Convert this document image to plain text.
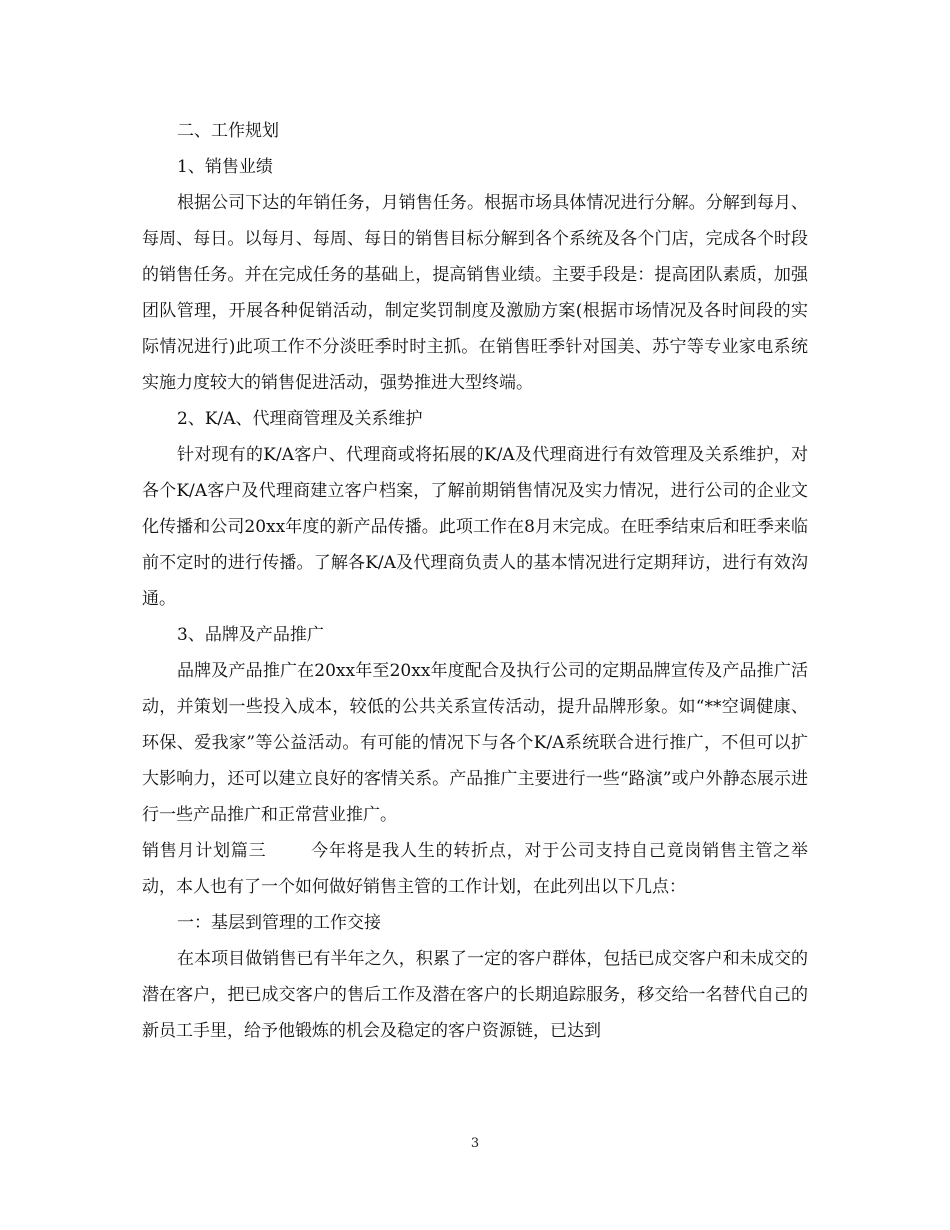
二、工作规划

1、销售业绩

根据公司下达的年销任务，月销售任务。根据市场具体情况进行分解。分解到每月、每周、每日。以每月、每周、每日的销售目标分解到各个系统及各个门店，完成各个时段的销售任务。并在完成任务的基础上，提高销售业绩。主要手段是：提高团队素质，加强团队管理，开展各种促销活动，制定奖罚制度及激励方案(根据市场情况及各时间段的实际情况进行)此项工作不分淡旺季时时主抓。在销售旺季针对国美、苏宁等专业家电系统实施力度较大的销售促进活动，强势推进大型终端。

2、K/A、代理商管理及关系维护

针对现有的K/A客户、代理商或将拓展的K/A及代理商进行有效管理及关系维护，对各个K/A客户及代理商建立客户档案，了解前期销售情况及实力情况，进行公司的企业文化传播和公司20xx年度的新产品传播。此项工作在8月末完成。在旺季结束后和旺季来临前不定时的进行传播。了解各K/A及代理商负责人的基本情况进行定期拜访，进行有效沟通。

3、品牌及产品推广

品牌及产品推广在20xx年至20xx年度配合及执行公司的定期品牌宣传及产品推广活动，并策划一些投入成本，较低的公共关系宣传活动，提升品牌形象。如“**空调健康、环保、爱我家”等公益活动。有可能的情况下与各个K/A系统联合进行推广，不但可以扩大影响力，还可以建立良好的客情关系。产品推广主要进行一些“路演”或户外静态展示进行一些产品推广和正常营业推广。

销售月计划篇三	今年将是我人生的转折点，对于公司支持自己竟岗销售主管之举动，本人也有了一个如何做好销售主管的工作计划，在此列出以下几点：

一：基层到管理的工作交接

在本项目做销售已有半年之久，积累了一定的客户群体，包括已成交客户和未成交的潜在客户，把已成交客户的售后工作及潜在客户的长期追踪服务，移交给一名替代自己的新员工手里，给予他锻炼的机会及稳定的客户资源链，已达到

3
